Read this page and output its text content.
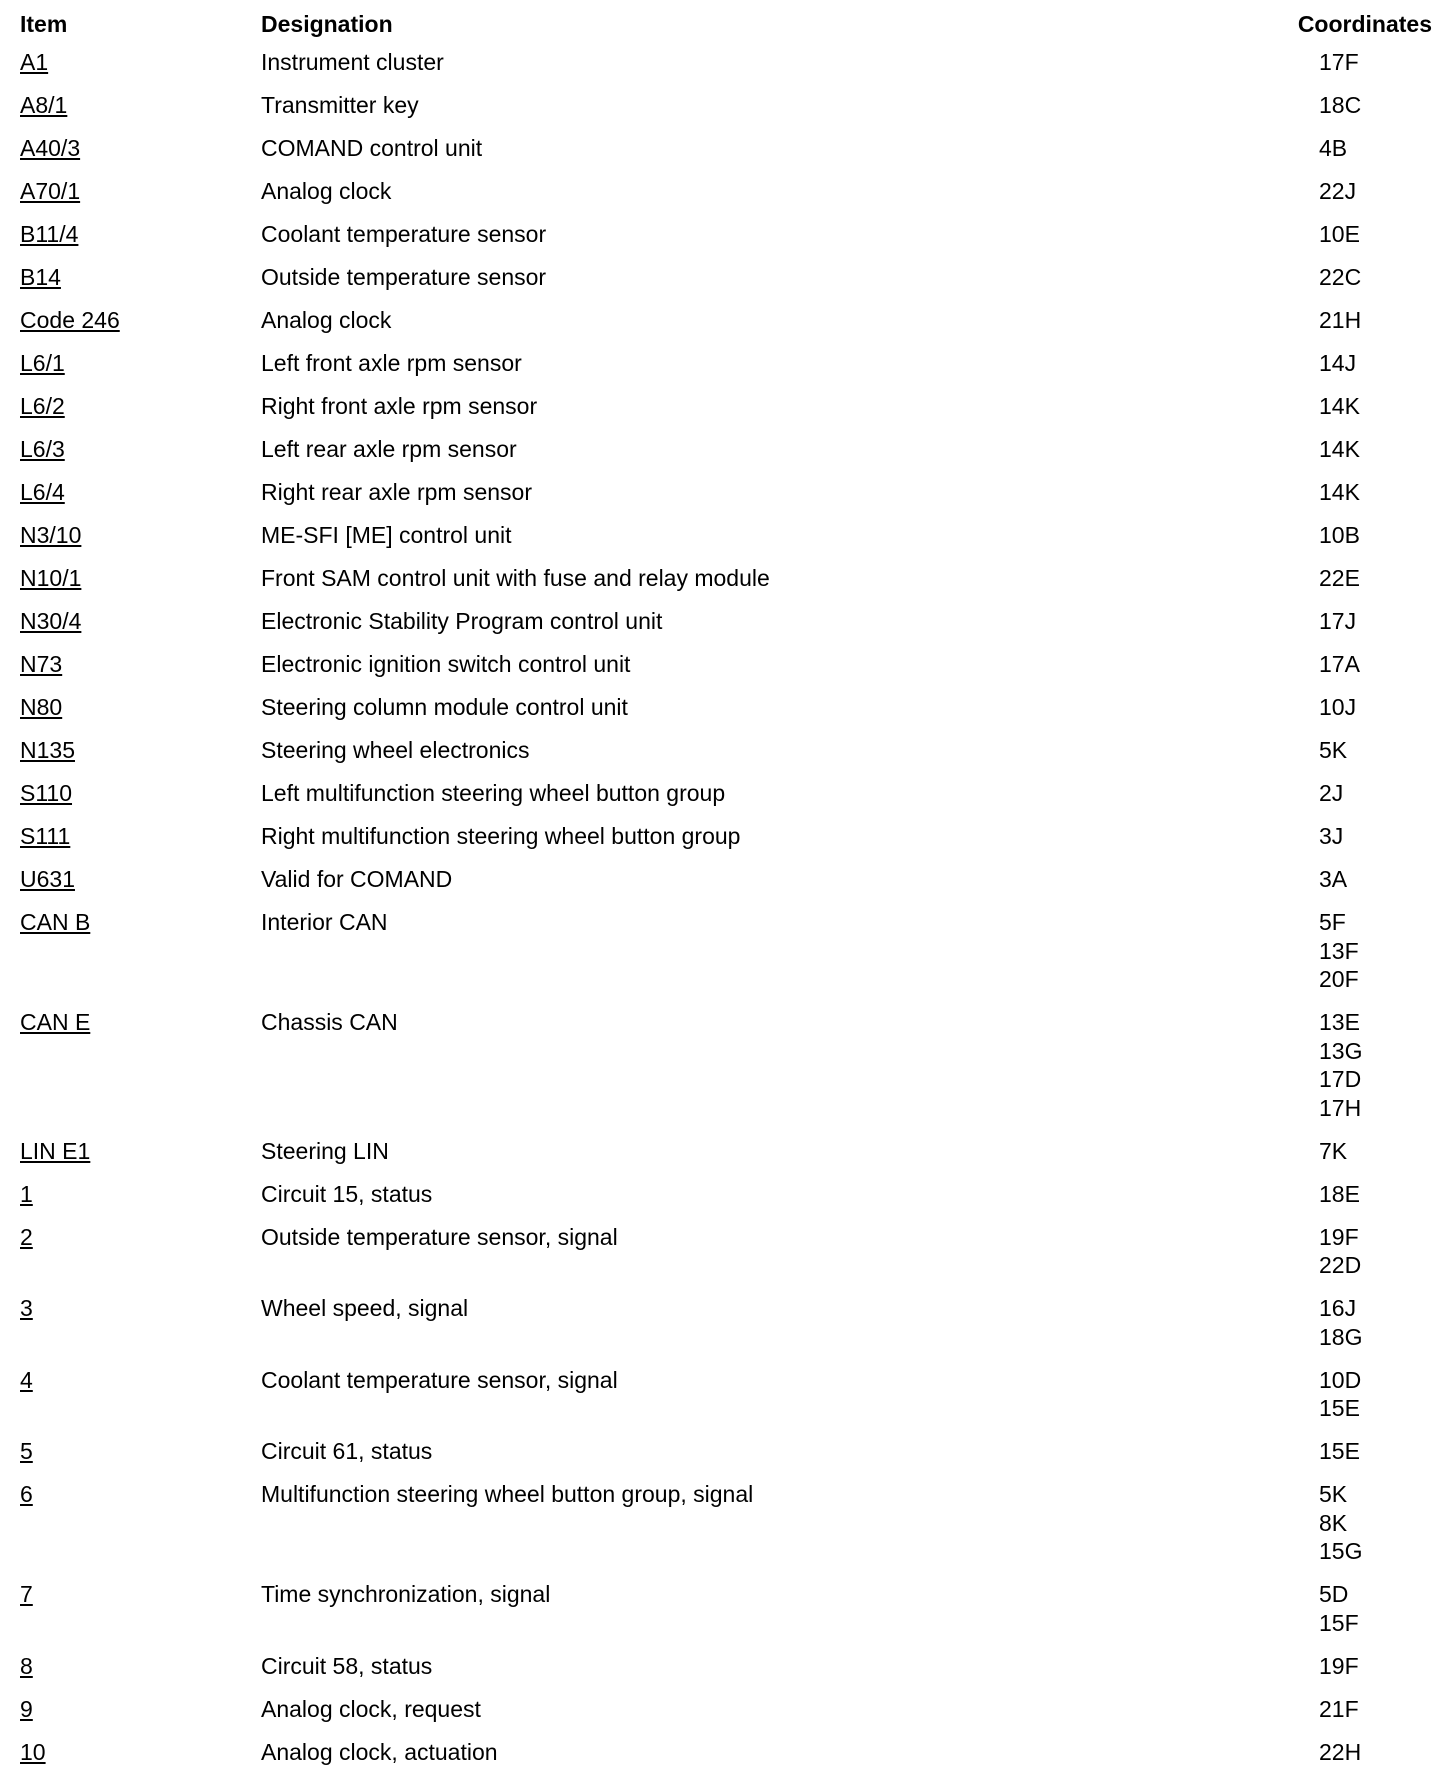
Item	Designation	Coordinates
A1	Instrument cluster	17F
A8/1	Transmitter key	18C
A40/3	COMAND control unit	4B
A70/1	Analog clock	22J
B11/4	Coolant temperature sensor	10E
B14	Outside temperature sensor	22C
Code 246	Analog clock	21H
L6/1	Left front axle rpm sensor	14J
L6/2	Right front axle rpm sensor	14K
L6/3	Left rear axle rpm sensor	14K
L6/4	Right rear axle rpm sensor	14K
N3/10	ME-SFI [ME] control unit	10B
N10/1	Front SAM control unit with fuse and relay module	22E
N30/4	Electronic Stability Program control unit	17J
N73	Electronic ignition switch control unit	17A
N80	Steering column module control unit	10J
N135	Steering wheel electronics	5K
S110	Left multifunction steering wheel button group	2J
S111	Right multifunction steering wheel button group	3J
U631	Valid for COMAND	3A
CAN B	Interior CAN	5F
13F
20F
CAN E	Chassis CAN	13E
13G
17D
17H
LIN E1	Steering LIN	7K
1	Circuit 15, status	18E
2	Outside temperature sensor, signal	19F
22D
3	Wheel speed, signal	16J
18G
4	Coolant temperature sensor, signal	10D
15E
5	Circuit 61, status	15E
6	Multifunction steering wheel button group, signal	5K
8K
15G
7	Time synchronization, signal	5D
15F
8	Circuit 58, status	19F
9	Analog clock, request	21F
10	Analog clock, actuation	22H
